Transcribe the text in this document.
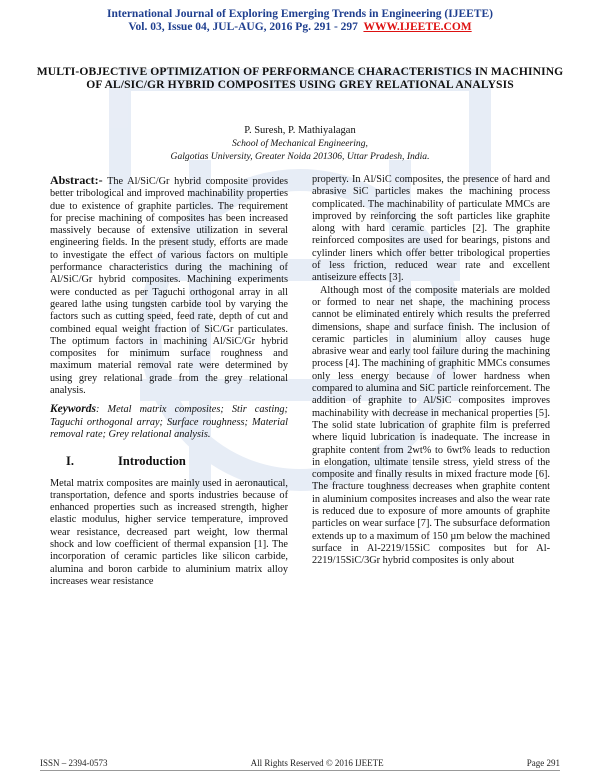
International Journal of Exploring Emerging Trends in Engineering (IJEETE)
Vol. 03, Issue 04, JUL-AUG, 2016 Pg. 291 - 297 WWW.IJEETE.COM
MULTI-OBJECTIVE OPTIMIZATION OF PERFORMANCE CHARACTERISTICS IN MACHINING OF AL/SIC/GR HYBRID COMPOSITES USING GREY RELATIONAL ANALYSIS
P. Suresh, P. Mathiyalagan
School of Mechanical Engineering,
Galgotias University, Greater Noida 201306, Uttar Pradesh, India.

Abstract:- The Al/SiC/Gr hybrid composite provides better tribological and improved machinability properties due to existence of graphite particles. The requirement for precise machining of composites has been increased massively because of extensive utilization in several engineering fields. In the present study, efforts are made to investigate the effect of various factors on multiple performance characteristics during the machining of Al/SiC/Gr hybrid composites. Machining experiments were conducted as per Taguchi orthogonal array in all geared lathe using tungsten carbide tool by varying the factors such as cutting speed, feed rate, depth of cut and combined equal weight fraction of SiC/Gr particulates. The optimum factors in machining Al/SiC/Gr hybrid composites for minimum surface roughness and maximum material removal rate were determined by using grey relational grade from the grey relational analysis.

Keywords: Metal matrix composites; Stir casting; Taguchi orthogonal array; Surface roughness; Material removal rate; Grey relational analysis.

I.	Introduction

Metal matrix composites are mainly used in aeronautical, transportation, defence and sports industries because of enhanced properties such as increased strength, higher elastic modulus, higher service temperature, improved wear resistance, decreased part weight, low thermal shock and low coefficient of thermal expansion [1]. The incorporation of ceramic particles like silicon carbide, alumina and boron carbide to aluminium matrix alloy increases wear resistance

property. In Al/SiC composites, the presence of hard and abrasive SiC particles makes the machining process complicated. The machinability of particulate MMCs are improved by reinforcing the soft particles like graphite along with hard ceramic particles [2]. The graphite reinforced composites are used for bearings, pistons and cylinder liners which offer better tribological properties of less friction, reduced wear rate and excellent antiseizure effects [3].

Although most of the composite materials are molded or formed to near net shape, the machining process cannot be eliminated entirely which results the preferred dimensions, shape and surface finish. The inclusion of ceramic particles in aluminium alloy causes huge abrasive wear and early tool failure during the machining process [4]. The machining of graphitic MMCs consumes only less energy because of lower hardness when compared to alumina and SiC particle reinforcement. The addition of graphite to Al/SiC composites improves machinability with decrease in mechanical properties [5]. The solid state lubrication of graphite film is preferred where liquid lubrication is inadequate. The increase in graphite content from 2wt% to 6wt% leads to reduction in elongation, ultimate tensile stress, yield stress of the composite and finally results in mixed fracture mode [6]. The fracture toughness decreases when graphite content in aluminium composites increases and also the wear rate is reduced due to exposure of more amounts of graphite particles on wear surface [7]. The subsurface deformation extends up to a maximum of 150 µm below the machined surface in Al-2219/15SiC composites but for Al-2219/15SiC/3Gr hybrid composites is only about

ISSN – 2394-0573	All Rights Reserved © 2016 IJEETE	Page 291
